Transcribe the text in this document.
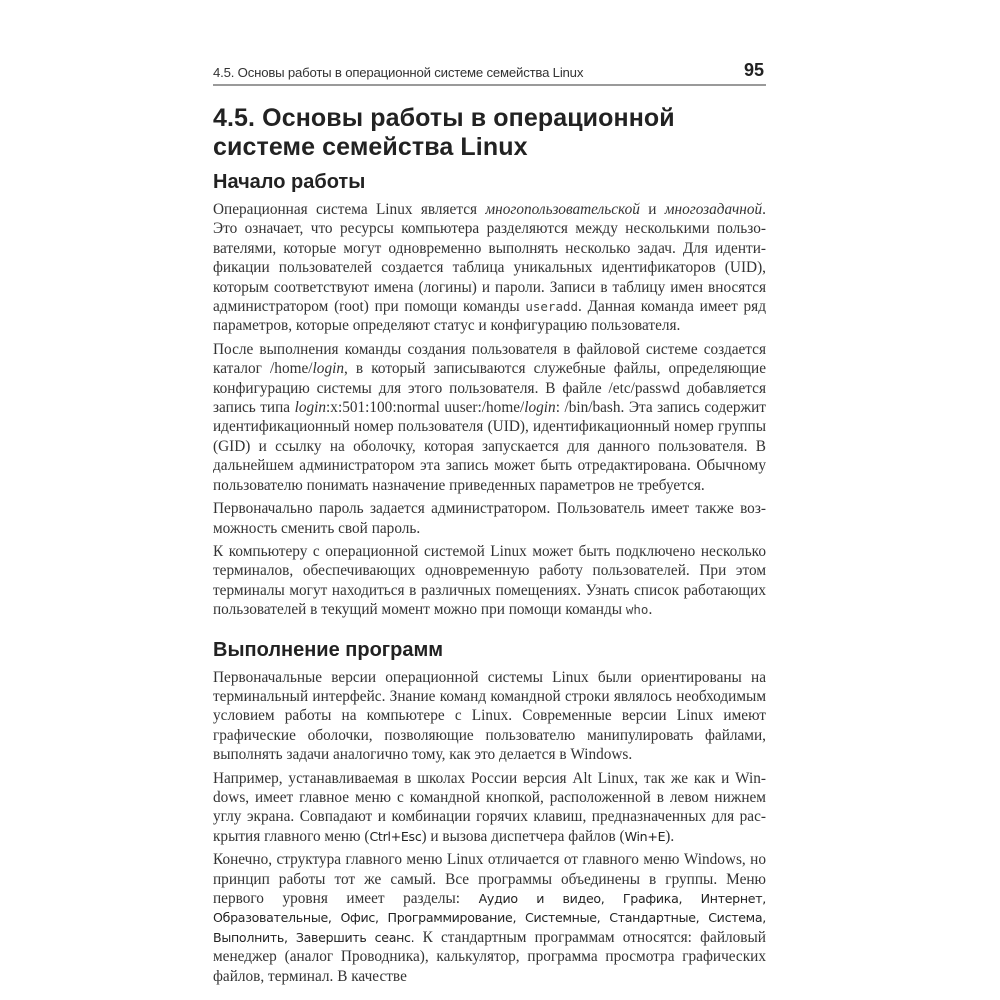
4.5. Основы работы в операционной системе семейства Linux	95
4.5. Основы работы в операционной
системе семейства Linux
Начало работы

Операционная система Linux является многопользовательской и многозадачной. Это означает, что ресурсы компьютера разделяются между несколькими пользователями, которые могут одновременно выполнять несколько задач. Для идентификации пользователей создается таблица уникальных идентификаторов (UID), которым соответствуют имена (логины) и пароли. Записи в таблицу имен вносятся администратором (root) при помощи команды useradd. Данная команда имеет ряд параметров, которые определяют статус и конфигурацию пользователя.

После выполнения команды создания пользователя в файловой системе создается каталог /home/login, в который записываются служебные файлы, определяющие конфигурацию системы для этого пользователя. В файле /etc/passwd добавляется запись типа login:x:501:100:normal uuser:/home/login: /bin/bash. Эта запись содержит идентификационный номер пользователя (UID), идентификационный номер группы (GID) и ссылку на оболочку, которая запускается для данного пользователя. В дальнейшем администратором эта запись может быть отредактирована. Обычному пользователю понимать назначение приведенных параметров не требуется.

Первоначально пароль задается администратором. Пользователь имеет также возможность сменить свой пароль.

К компьютеру с операционной системой Linux может быть подключено несколько терминалов, обеспечивающих одновременную работу пользователей. При этом терминалы могут находиться в различных помещениях. Узнать список работающих пользователей в текущий момент можно при помощи команды who.

Выполнение программ

Первоначальные версии операционной системы Linux были ориентированы на терминальный интерфейс. Знание команд командной строки являлось необходимым условием работы на компьютере с Linux. Современные версии Linux имеют графические оболочки, позволяющие пользователю манипулировать файлами, выполнять задачи аналогично тому, как это делается в Windows.

Например, устанавливаемая в школах России версия Alt Linux, так же как и Windows, имеет главное меню с командной кнопкой, расположенной в левом нижнем углу экрана. Совпадают и комбинации горячих клавиш, предназначенных для раскрытия главного меню (Ctrl+Esc) и вызова диспетчера файлов (Win+E).

Конечно, структура главного меню Linux отличается от главного меню Windows, но принцип работы тот же самый. Все программы объединены в группы. Меню первого уровня имеет разделы: Аудио и видео, Графика, Интернет, Образовательные, Офис, Программирование, Системные, Стандартные, Система, Выполнить, Завершить сеанс. К стандартным программам относятся: файловый менеджер (аналог Проводника), калькулятор, программа просмотра графических файлов, терминал. В качестве
